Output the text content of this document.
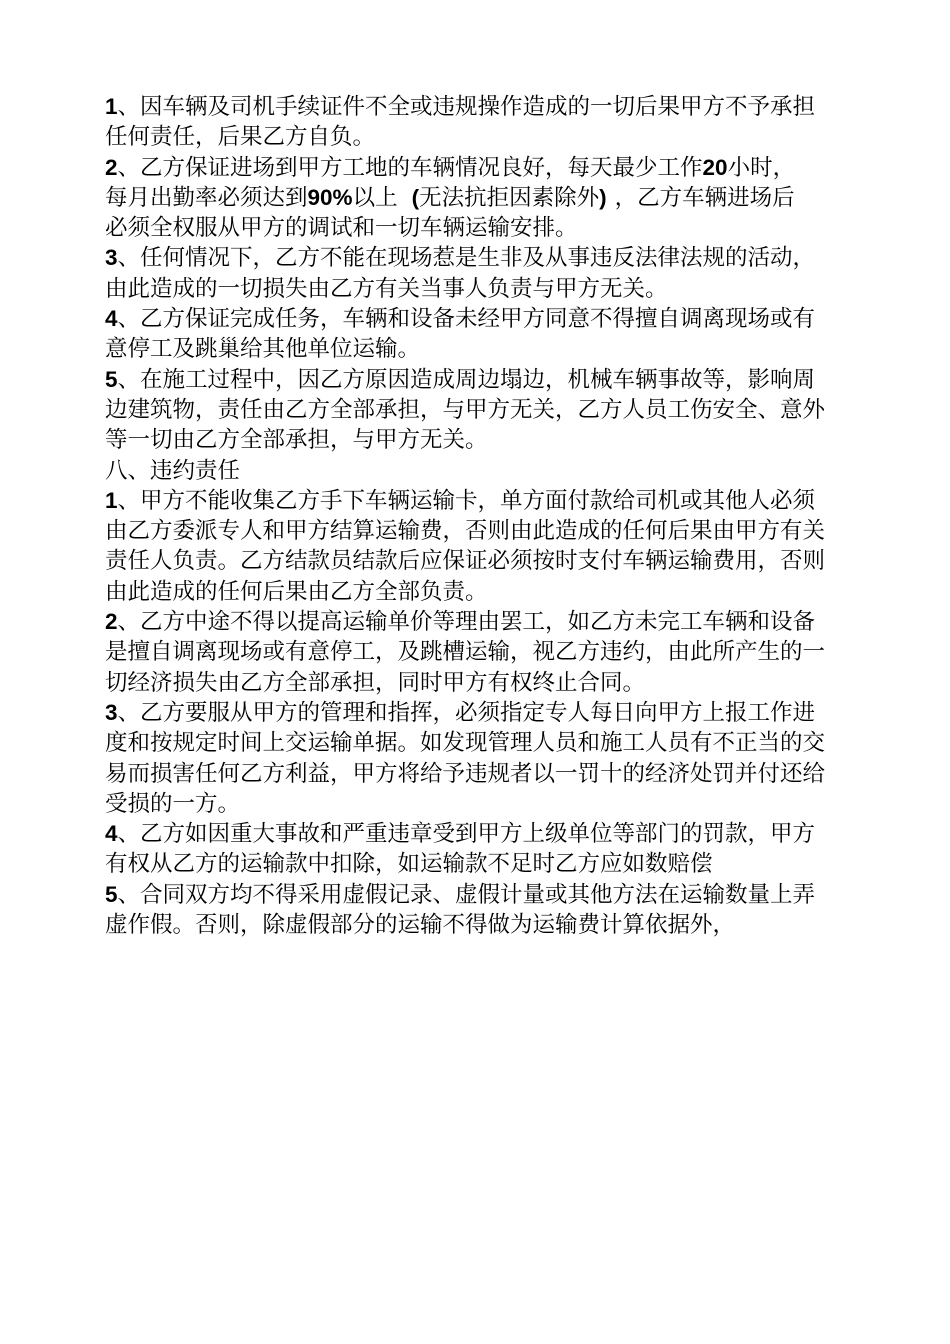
1、因车辆及司机手续证件不全或违规操作造成的一切后果甲方不予承担
任何责任，后果乙方自负。
2、乙方保证进场到甲方工地的车辆情况良好，每天最少工作20小时，
每月出勤率必须达到90%以上 (无法抗拒因素除外) ，乙方车辆进场后
必须全权服从甲方的调试和一切车辆运输安排。
3、任何情况下，乙方不能在现场惹是生非及从事违反法律法规的活动，
由此造成的一切损失由乙方有关当事人负责与甲方无关。
4、乙方保证完成任务，车辆和设备未经甲方同意不得擅自调离现场或有
意停工及跳巢给其他单位运输。
5、在施工过程中，因乙方原因造成周边塌边，机械车辆事故等，影响周
边建筑物，责任由乙方全部承担，与甲方无关，乙方人员工伤安全、意外
等一切由乙方全部承担，与甲方无关。
八、违约责任
1、甲方不能收集乙方手下车辆运输卡，单方面付款给司机或其他人必须
由乙方委派专人和甲方结算运输费，否则由此造成的任何后果由甲方有关
责任人负责。乙方结款员结款后应保证必须按时支付车辆运输费用，否则
由此造成的任何后果由乙方全部负责。
2、乙方中途不得以提高运输单价等理由罢工，如乙方未完工车辆和设备
是擅自调离现场或有意停工，及跳槽运输，视乙方违约，由此所产生的一
切经济损失由乙方全部承担，同时甲方有权终止合同。
3、乙方要服从甲方的管理和指挥，必须指定专人每日向甲方上报工作进
度和按规定时间上交运输单据。如发现管理人员和施工人员有不正当的交
易而损害任何乙方利益，甲方将给予违规者以一罚十的经济处罚并付还给
受损的一方。
4、乙方如因重大事故和严重违章受到甲方上级单位等部门的罚款，甲方
有权从乙方的运输款中扣除，如运输款不足时乙方应如数赔偿
5、合同双方均不得采用虚假记录、虚假计量或其他方法在运输数量上弄
虚作假。否则，除虚假部分的运输不得做为运输费计算依据外，
